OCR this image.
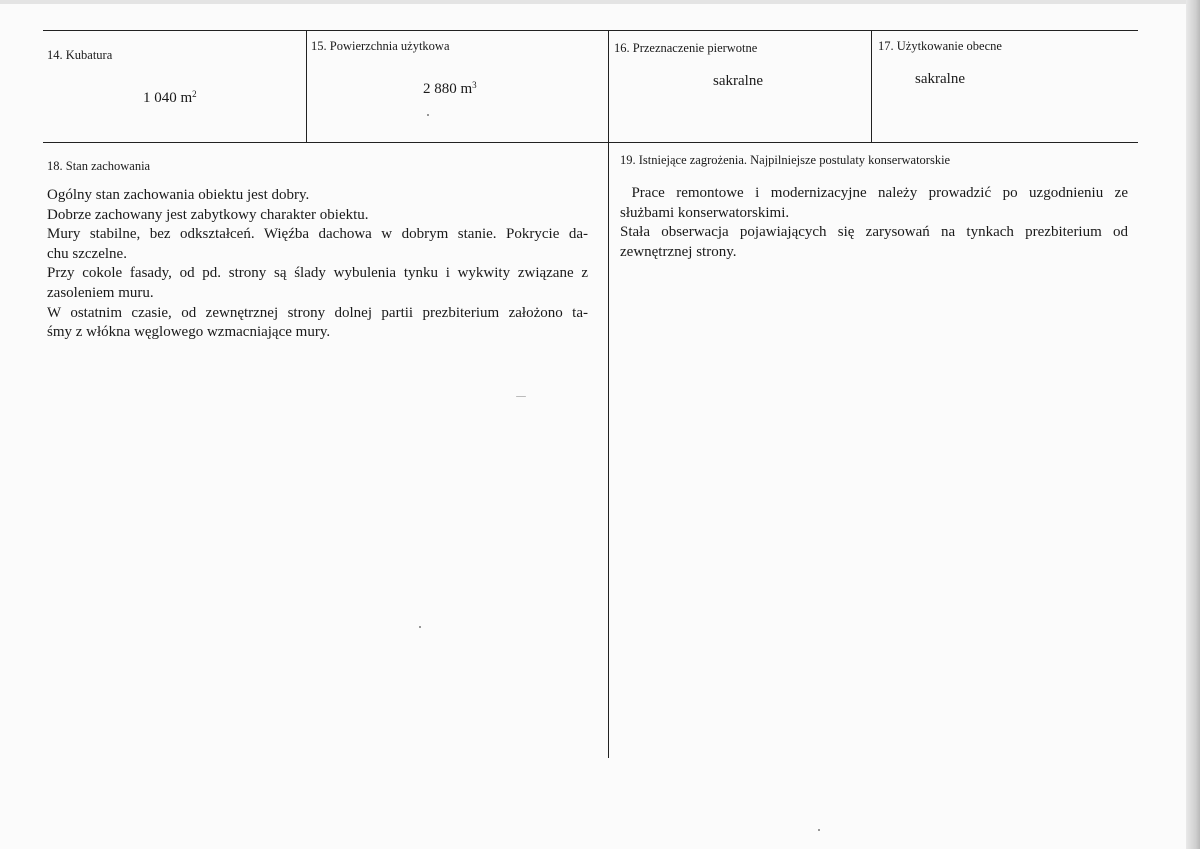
14. Kubatura
1 040 $m^2$
15. Powierzchnia użytkowa
2 880 $m^3$
16. Przeznaczenie pierwotne
sakralne
17. Użytkowanie obecne
sakralne
18. Stan zachowania

Ogólny stan zachowania obiektu jest dobry.

Dobrze zachowany jest zabytkowy charakter obiektu.

Mury stabilne, bez odkształceń. Więźba dachowa w dobrym stanie. Pokrycie da-

chu szczelne.

Przy cokole fasady, od pd. strony są ślady wybulenia tynku i wykwity związane z

zasoleniem muru.

W ostatnim czasie, od zewnętrznej strony dolnej partii prezbiterium założono ta-

śmy z włókna węglowego wzmacniające mury.

19. Istniejące zagrożenia. Najpilniejsze postulaty konserwatorskie

Prace remontowe i modernizacyjne należy prowadzić po uzgodnieniu ze

służbami konserwatorskimi.

Stała obserwacja pojawiających się zarysowań na tynkach prezbiterium od

zewnętrznej strony.
